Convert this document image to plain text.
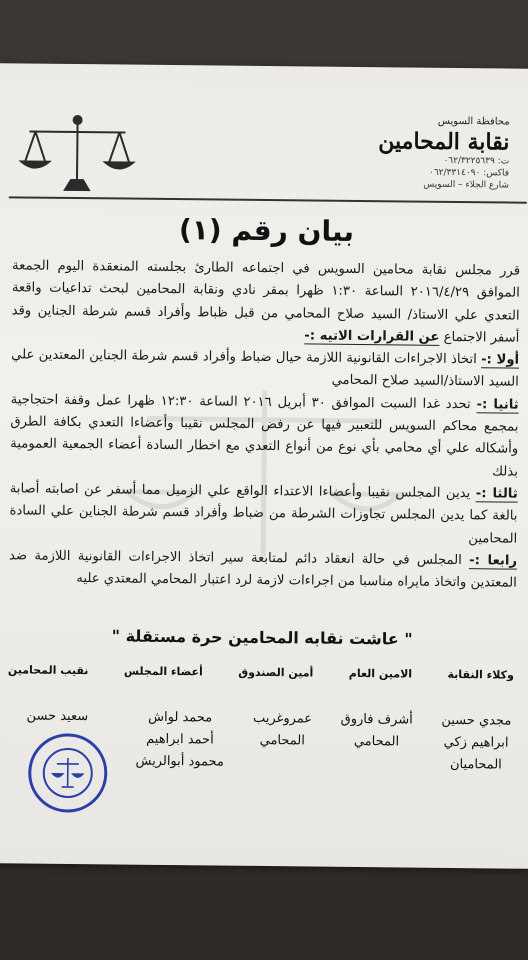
محافظة السويس
نقابة المحامين
ت: ٠٦٢/٣٢٢٥٦٣٩
فاكس: ٠٦٢/٣٣١٤٠٩٠
شارع الجلاء – السويس
بيان رقم (١)

قرر مجلس نقابة محامين السويس في اجتماعه الطارئ بجلسته المنعقدة اليوم الجمعة الموافق ٢٠١٦/٤/٢٩ الساعة ١:٣٠ ظهرا بمقر نادي ونقابة المحامين لبحث تداعيات واقعة التعدي علي الاستاذ/ السيد صلاح المحامي من قبل ظباط وأفراد قسم شرطة الجناين وقد أسفر الاجتماع عن القرارات الاتيه :-

أولا :- اتخاذ الاجراءات القانونية اللازمة حيال ضباط وأفراد قسم شرطة الجناين المعتدين علي السيد الاستاذ/السيد صلاح المحامي

ثانيا :- تحدد غدا السبت الموافق ٣٠ أبريل ٢٠١٦ الساعة ١٢:٣٠ ظهرا عمل وقفة احتجاجية بمجمع محاكم السويس للتعبير فيها عن رفض المجلس نقيبا وأعضاءا التعدي بكافة الطرق وأشكاله علي أي محامي بأي نوع من أنواع التعدي مع اخطار السادة أعضاء الجمعية العمومية بذلك

ثالثا :- يدين المجلس نقيبا وأعضاءا الاعتداء الواقع علي الزميل مما أسفر عن اصابته أصابة بالغة كما يدين المجلس تجاوزات الشرطة من ضباط وأفراد قسم شرطة الجناين علي السادة المحامين

رابعا :- المجلس في حالة انعقاد دائم لمتابعة سير اتخاذ الاجراءات القانونية اللازمة ضد المعتدين واتخاذ مايراه مناسبا من اجراءات لازمة لرد اعتبار المحامي المعتدي عليه

" عاشت نقابه المحامين حرة مستقلة "
وكلاء النقابة
الامين العام
أمين الصندوق
أعضاء المجلس
نقيب المحامين
مجدي حسين
ابراهيم زكي
المحاميان
أشرف فاروق
المحامي
عمروغريب
المحامي
محمد لواش
أحمد ابراهيم
محمود أبوالريش
سعيد حسن
